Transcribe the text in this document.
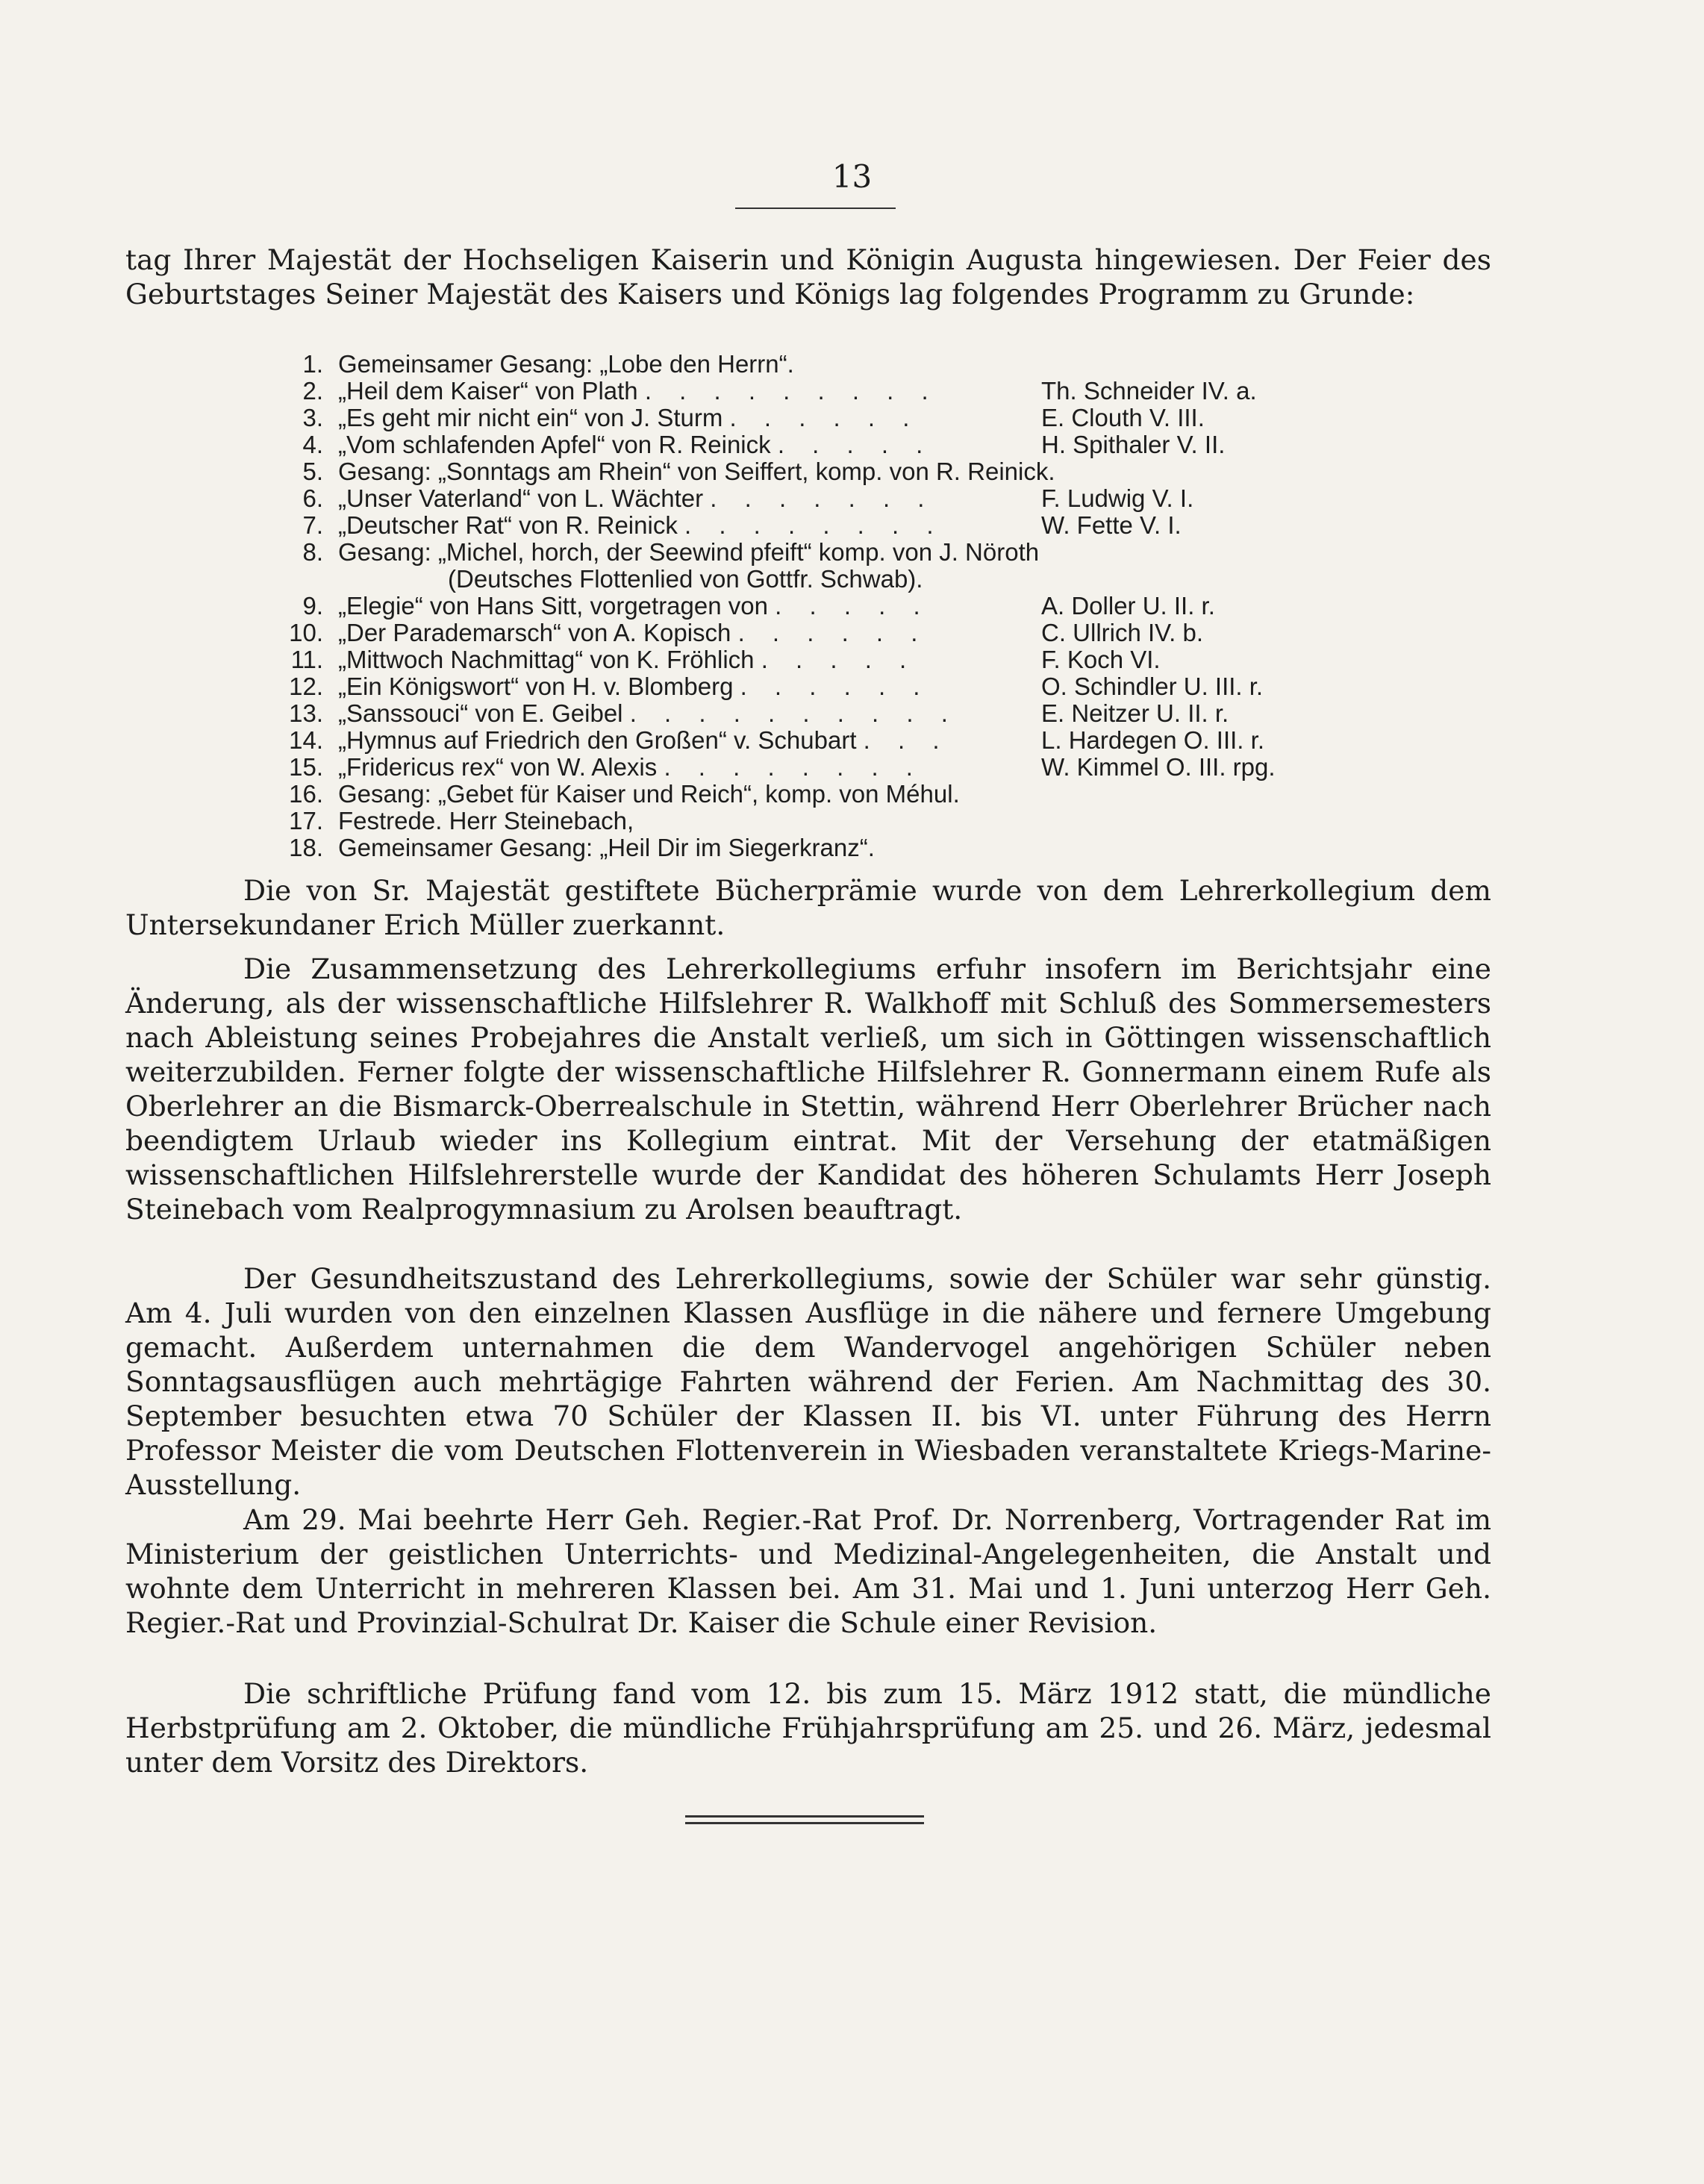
13

tag Ihrer Majestät der Hochseligen Kaiserin und Königin Augusta hingewiesen. Der Feier des Geburtstages Seiner Majestät des Kaisers und Königs lag folgendes Programm zu Grunde:

1. Gemeinsamer Gesang: „Lobe den Herrn“.
2. „Heil dem Kaiser“ von Plath . . . . . . . . .	Th. Schneider IV. a.
3. „Es geht mir nicht ein“ von J. Sturm . . . . . .	E. Clouth V. III.
4. „Vom schlafenden Apfel“ von R. Reinick . . . . .	H. Spithaler V. II.
5. Gesang: „Sonntags am Rhein“ von Seiffert, komp. von R. Reinick.
6. „Unser Vaterland“ von L. Wächter . . . . . . .	F. Ludwig V. I.
7. „Deutscher Rat“ von R. Reinick . . . . . . . .	W. Fette V. I.
8. Gesang: „Michel, horch, der Seewind pfeift“ komp. von J. Nöroth
(Deutsches Flottenlied von Gottfr. Schwab).
9. „Elegie“ von Hans Sitt, vorgetragen von . . . . .	A. Doller U. II. r.
10. „Der Parademarsch“ von A. Kopisch . . . . . .	C. Ullrich IV. b.
11. „Mittwoch Nachmittag“ von K. Fröhlich . . . . .	F. Koch VI.
12. „Ein Königswort“ von H. v. Blomberg . . . . . .	O. Schindler U. III. r.
13. „Sanssouci“ von E. Geibel . . . . . . . . . .	E. Neitzer U. II. r.
14. „Hymnus auf Friedrich den Großen“ v. Schubart . . .	L. Hardegen O. III. r.
15. „Fridericus rex“ von W. Alexis . . . . . . . .	W. Kimmel O. III. rpg.
16. Gesang: „Gebet für Kaiser und Reich“, komp. von Méhul.
17. Festrede. Herr Steinebach,
18. Gemeinsamer Gesang: „Heil Dir im Siegerkranz“.

Die von Sr. Majestät gestiftete Bücherprämie wurde von dem Lehrerkollegium dem Untersekundaner Erich Müller zuerkannt.

Die Zusammensetzung des Lehrerkollegiums erfuhr insofern im Berichtsjahr eine Änderung, als der wissenschaftliche Hilfslehrer R. Walkhoff mit Schluß des Sommersemesters nach Ableistung seines Probejahres die Anstalt verließ, um sich in Göttingen wissenschaftlich weiterzubilden. Ferner folgte der wissenschaftliche Hilfslehrer R. Gonnermann einem Rufe als Oberlehrer an die Bismarck-Oberrealschule in Stettin, während Herr Oberlehrer Brücher nach beendigtem Urlaub wieder ins Kollegium eintrat. Mit der Versehung der etatmäßigen wissenschaftlichen Hilfslehrerstelle wurde der Kandidat des höheren Schulamts Herr Joseph Steinebach vom Realprogymnasium zu Arolsen beauftragt.

Der Gesundheitszustand des Lehrerkollegiums, sowie der Schüler war sehr günstig. Am 4. Juli wurden von den einzelnen Klassen Ausflüge in die nähere und fernere Umgebung gemacht. Außerdem unternahmen die dem Wandervogel angehörigen Schüler neben Sonntagsausflügen auch mehrtägige Fahrten während der Ferien. Am Nachmittag des 30. September besuchten etwa 70 Schüler der Klassen II. bis VI. unter Führung des Herrn Professor Meister die vom Deutschen Flottenverein in Wiesbaden veranstaltete Kriegs-Marine-Ausstellung.

Am 29. Mai beehrte Herr Geh. Regier.-Rat Prof. Dr. Norrenberg, Vortragender Rat im Ministerium der geistlichen Unterrichts- und Medizinal-Angelegenheiten, die Anstalt und wohnte dem Unterricht in mehreren Klassen bei. Am 31. Mai und 1. Juni unterzog Herr Geh. Regier.-Rat und Provinzial-Schulrat Dr. Kaiser die Schule einer Revision.

Die schriftliche Prüfung fand vom 12. bis zum 15. März 1912 statt, die mündliche Herbstprüfung am 2. Oktober, die mündliche Frühjahrsprüfung am 25. und 26. März, jedesmal unter dem Vorsitz des Direktors.
